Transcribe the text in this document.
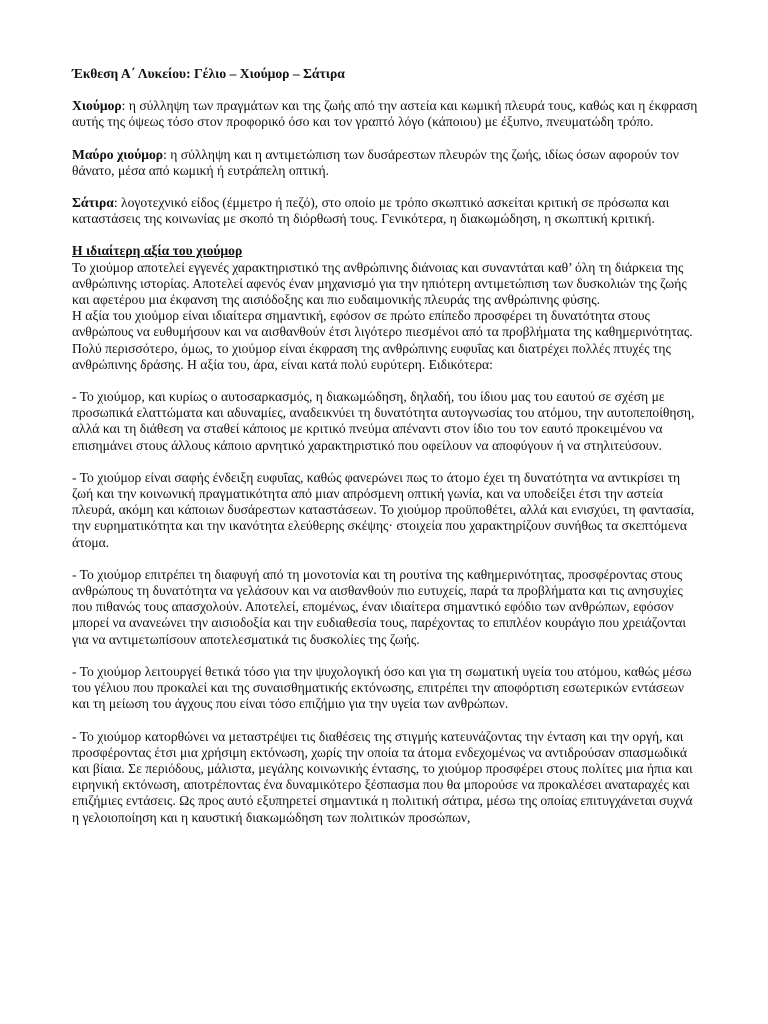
Έκθεση Α΄ Λυκείου: Γέλιο – Χιούμορ – Σάτιρα

Χιούμορ: η σύλληψη των πραγμάτων και της ζωής από την αστεία και κωμική πλευρά τους, καθώς και η έκφραση αυτής της όψεως τόσο στον προφορικό όσο και τον γραπτό λόγο (κάποιου) με έξυπνο, πνευματώδη τρόπο.

Μαύρο χιούμορ: η σύλληψη και η αντιμετώπιση των δυσάρεστων πλευρών της ζωής, ιδίως όσων αφορούν τον θάνατο, μέσα από κωμική ή ευτράπελη οπτική.

Σάτιρα: λογοτεχνικό είδος (έμμετρο ή πεζό), στο οποίο με τρόπο σκωπτικό ασκείται κριτική σε πρόσωπα και καταστάσεις της κοινωνίας με σκοπό τη διόρθωσή τους. Γενικότερα, η διακωμώδηση, η σκωπτική κριτική.

Η ιδιαίτερη αξία του χιούμορ
Το χιούμορ αποτελεί εγγενές χαρακτηριστικό της ανθρώπινης διάνοιας και συναντάται καθ’ όλη τη διάρκεια της ανθρώπινης ιστορίας. Αποτελεί αφενός έναν μηχανισμό για την ηπιότερη αντιμετώπιση των δυσκολιών της ζωής και αφετέρου μια έκφανση της αισιόδοξης και πιο ευδαιμονικής πλευράς της ανθρώπινης φύσης.
Η αξία του χιούμορ είναι ιδιαίτερα σημαντική, εφόσον σε πρώτο επίπεδο προσφέρει τη δυνατότητα στους ανθρώπους να ευθυμήσουν και να αισθανθούν έτσι λιγότερο πιεσμένοι από τα προβλήματα της καθημερινότητας. Πολύ περισσότερο, όμως, το χιούμορ είναι έκφραση της ανθρώπινης ευφυΐας και διατρέχει πολλές πτυχές της ανθρώπινης δράσης. Η αξία του, άρα, είναι κατά πολύ ευρύτερη. Ειδικότερα:

- Το χιούμορ, και κυρίως ο αυτοσαρκασμός, η διακωμώδηση, δηλαδή, του ίδιου μας του εαυτού σε σχέση με προσωπικά ελαττώματα και αδυναμίες, αναδεικνύει τη δυνατότητα αυτογνωσίας του ατόμου, την αυτοπεποίθηση, αλλά και τη διάθεση να σταθεί κάποιος με κριτικό πνεύμα απέναντι στον ίδιο του τον εαυτό προκειμένου να επισημάνει στους άλλους κάποιο αρνητικό χαρακτηριστικό που οφείλουν να αποφύγουν ή να στηλιτεύσουν.

- Το χιούμορ είναι σαφής ένδειξη ευφυΐας, καθώς φανερώνει πως το άτομο έχει τη δυνατότητα να αντικρίσει τη ζωή και την κοινωνική πραγματικότητα από μιαν απρόσμενη οπτική γωνία, και να υποδείξει έτσι την αστεία πλευρά, ακόμη και κάποιων δυσάρεστων καταστάσεων. Το χιούμορ προϋποθέτει, αλλά και ενισχύει, τη φαντασία, την ευρηματικότητα και την ικανότητα ελεύθερης σκέψης· στοιχεία που χαρακτηρίζουν συνήθως τα σκεπτόμενα άτομα.

- Το χιούμορ επιτρέπει τη διαφυγή από τη μονοτονία και τη ρουτίνα της καθημερινότητας, προσφέροντας στους ανθρώπους τη δυνατότητα να γελάσουν και να αισθανθούν πιο ευτυχείς, παρά τα προβλήματα και τις ανησυχίες που πιθανώς τους απασχολούν. Αποτελεί, επομένως, έναν ιδιαίτερα σημαντικό εφόδιο των ανθρώπων, εφόσον μπορεί να ανανεώνει την αισιοδοξία και την ευδιαθεσία τους, παρέχοντας το επιπλέον κουράγιο που χρειάζονται για να αντιμετωπίσουν αποτελεσματικά τις δυσκολίες της ζωής.

- Το χιούμορ λειτουργεί θετικά τόσο για την ψυχολογική όσο και για τη σωματική υγεία του ατόμου, καθώς μέσω του γέλιου που προκαλεί και της συναισθηματικής εκτόνωσης, επιτρέπει την αποφόρτιση εσωτερικών εντάσεων και τη μείωση του άγχους που είναι τόσο επιζήμιο για την υγεία των ανθρώπων.

- Το χιούμορ κατορθώνει να μεταστρέψει τις διαθέσεις της στιγμής κατευνάζοντας την ένταση και την οργή, και προσφέροντας έτσι μια χρήσιμη εκτόνωση, χωρίς την οποία τα άτομα ενδεχομένως να αντιδρούσαν σπασμωδικά και βίαια. Σε περιόδους, μάλιστα, μεγάλης κοινωνικής έντασης, το χιούμορ προσφέρει στους πολίτες μια ήπια και ειρηνική εκτόνωση, αποτρέποντας ένα δυναμικότερο ξέσπασμα που θα μπορούσε να προκαλέσει αναταραχές και επιζήμιες εντάσεις. Ως προς αυτό εξυπηρετεί σημαντικά η πολιτική σάτιρα, μέσω της οποίας επιτυγχάνεται συχνά η γελοιοποίηση και η καυστική διακωμώδηση των πολιτικών προσώπων,
